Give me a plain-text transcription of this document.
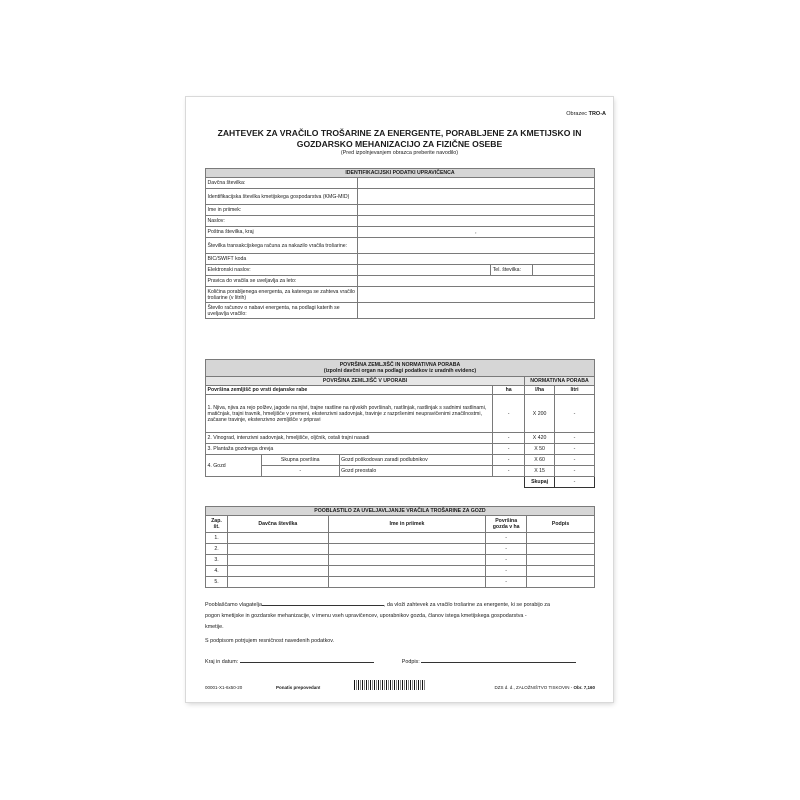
Obrazec TRO-A
ZAHTEVEK ZA VRAČILO TROŠARINE ZA ENERGENTE, PORABLJENE ZA KMETIJSKO IN
GOZDARSKO MEHANIZACIJO ZA FIZIČNE OSEBE
(Pred izpolnjevanjem obrazca preberite navodilo)
IDENTIFIKACIJSKI PODATKI UPRAVIČENCA			
Davčna številka:			
Identifikacijska številka kmetijskega gospodarstva (KMG-MID)			
Ime in priimek:			
Naslov:			
Poštna številka, kraj	,		
Številka transakcijskega računa za nakazilo vračila trošarine:			
BIC/SWIFT koda			
Elektronski naslov:		Tel. številka:	
Pravica do vračila se uveljavlja za leto:			
Količina porabljenega energenta, za katerega se zahteva vračilo trošarine (v litrih)			
Število računov o nabavi energenta, na podlagi katerih se uveljavlja vračilo:			
POVRŠINA ZEMLJIŠČ IN NORMATIVNA PORABA
(izpolni davčni organ na podlagi podatkov iz uradnih evidenc)					

POVRŠINA ZEMLJIŠČ V UPORABI				NORMATIVNA PORABA	
Površina zemljišč po vrsti dejanske rabe			ha	l/ha	litri
1. Njiva, njiva za rejo polžev, jagode na njivi, trajne rastline na njivskih površinah, rastlinjak, rastlinjak s sadnimi rastlinami, matičnjak, trajni travnik, hmeljišče v premeni, ekstenzivni sadovnjak, travinje z razpršenimi neupravičenimi značilnostmi, začasne travinje, ekstenzivno zemljišče v pripravi			-	X 200	-
2. Vinograd, intenzivni sadovnjak, hmeljišče, oljčnik, ostali trajni nasadi			-	X 420	-
3. Plantaža gozdnega drevja			-	X 50	-
4. Gozd	Skupna površina	Gozd poškodovan zaradi podlubnikov	-	X 60	-
	-	Gozd preostalo	-	X 15	-
				Skupaj	-
POOBLASTILO ZA UVELJAVLJANJE VRAČILA TROŠARINE ZA GOZD				
Zap. št.	Davčna številka	Ime in priimek	Površina gozda v ha	Podpis
1.			-	
2.			-	
3.			-	
4.			-	
5.			-	
Pooblaščamo vlagatelja	, da vloži zahtevek za vračilo trošarine za energente, ki se porabijo za
pogon kmetijske in gozdarske mehanizacije, v imenu vseh upravičencev, uporabnikov gozda, članov istega kmetijskega gospodarstva -
kmetije.
S podpisom potrjujem resničnost navedenih podatkov.
Kraj in datum:	Podpis:
00001-X1-6x50-20	Ponatis prepovedan!	DZS d. d., ZALOŽNIŠTVO TISKOVIN - Obr. 7,160
